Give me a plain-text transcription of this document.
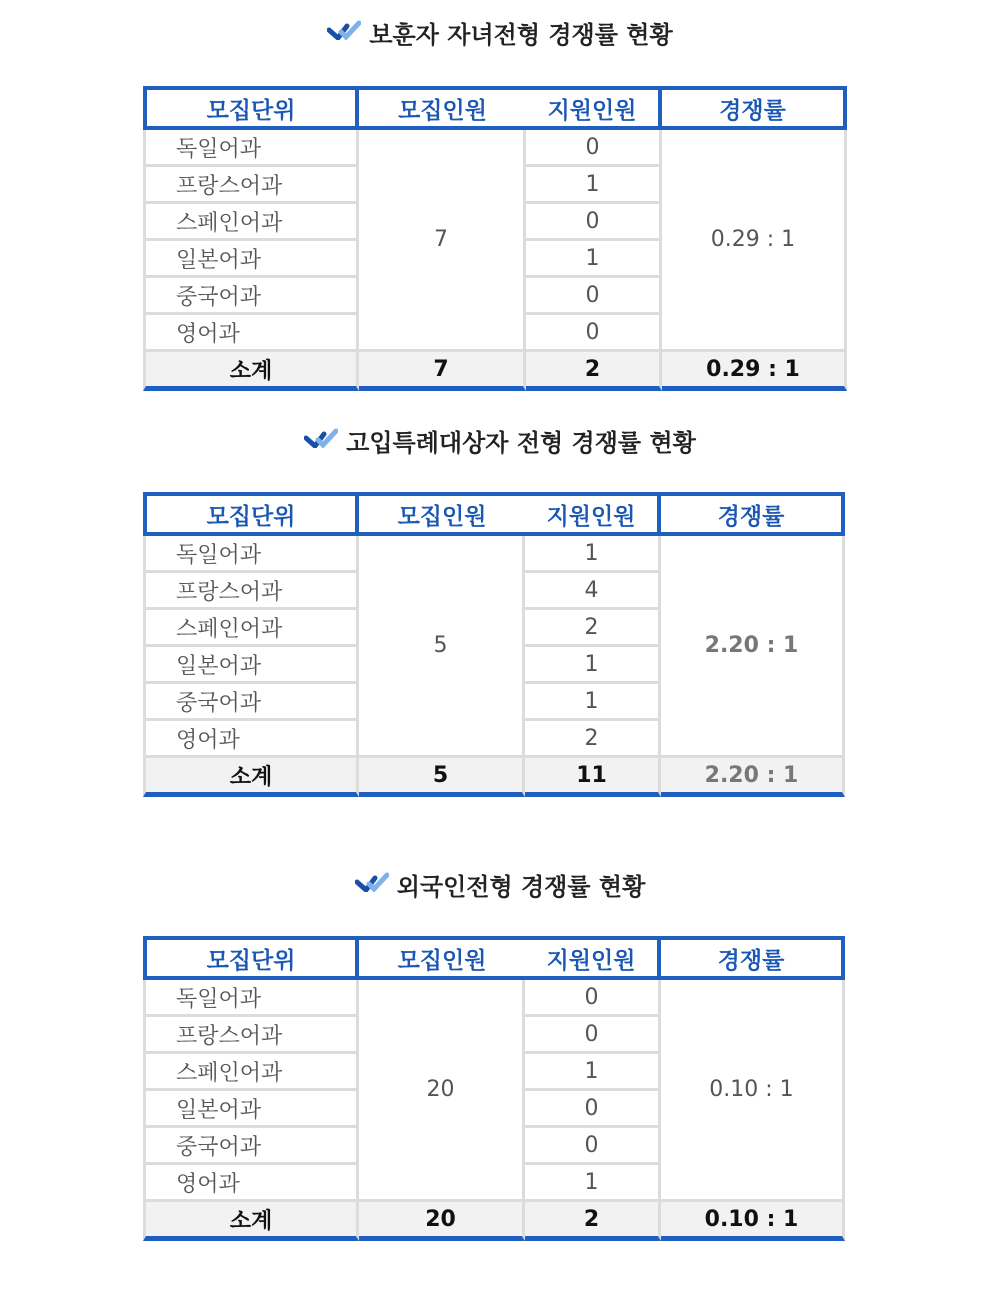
보훈자 자녀전형 경쟁률 현황
모집단위	모집인원	지원인원	경쟁률
독일어과	7	0	0.29 : 1
프랑스어과		1	
스페인어과		0	
일본어과		1	
중국어과		0	
영어과		0	
소계	7	2	0.29 : 1
고입특례대상자 전형 경쟁률 현황
모집단위	모집인원	지원인원	경쟁률
독일어과	5	1	2.20 : 1
프랑스어과		4	
스페인어과		2	
일본어과		1	
중국어과		1	
영어과		2	
소계	5	11	2.20 : 1
외국인전형 경쟁률 현황
모집단위	모집인원	지원인원	경쟁률
독일어과	20	0	0.10 : 1
프랑스어과		0	
스페인어과		1	
일본어과		0	
중국어과		0	
영어과		1	
소계	20	2	0.10 : 1
